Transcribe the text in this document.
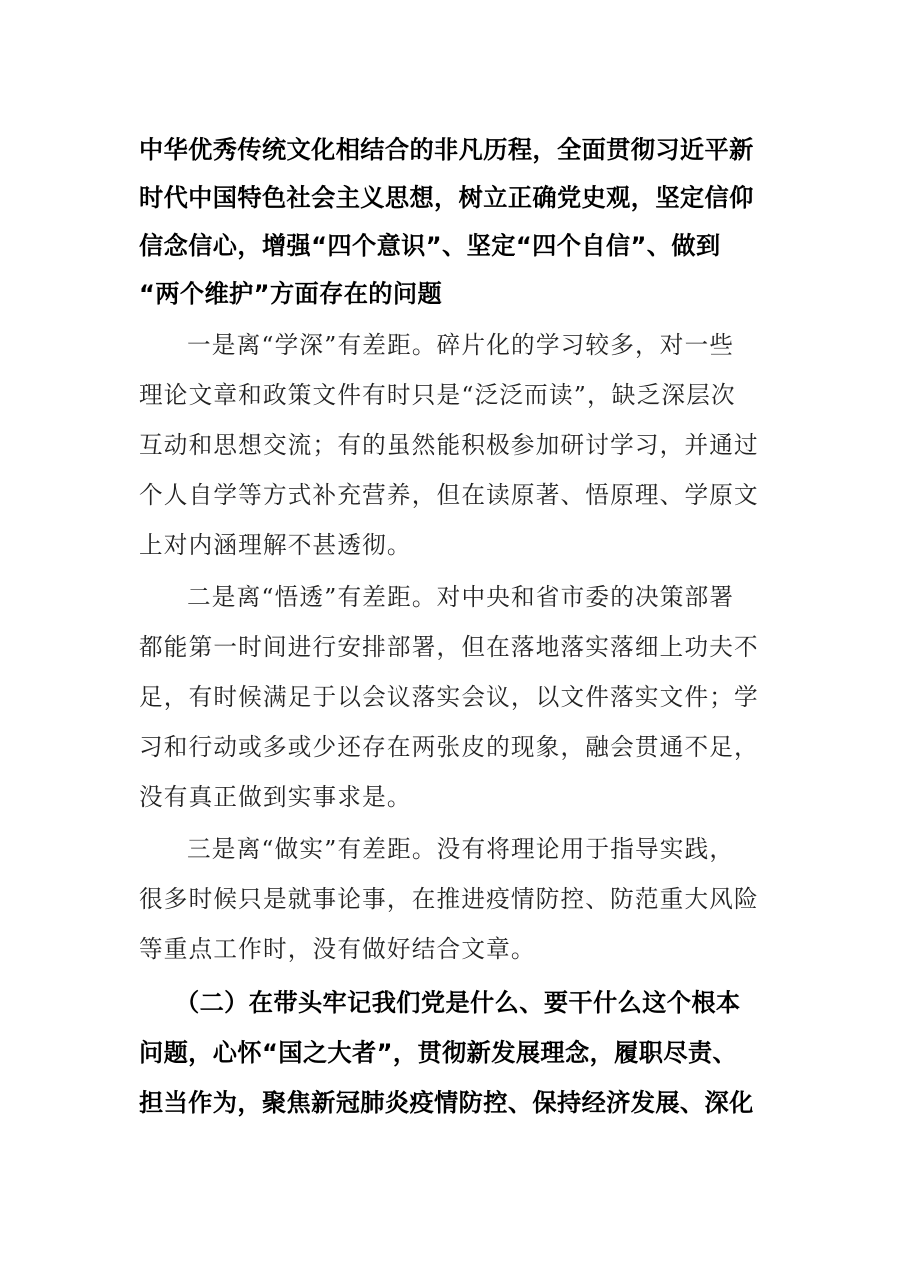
中华优秀传统文化相结合的非凡历程，全面贯彻习近平新
时代中国特色社会主义思想，树立正确党史观，坚定信仰
信念信心，增强“四个意识”、坚定“四个自信”、做到
“两个维护”方面存在的问题
一是离“学深”有差距。碎片化的学习较多，对一些
理论文章和政策文件有时只是“泛泛而读”，缺乏深层次
互动和思想交流；有的虽然能积极参加研讨学习，并通过
个人自学等方式补充营养，但在读原著、悟原理、学原文
上对内涵理解不甚透彻。
二是离“悟透”有差距。对中央和省市委的决策部署
都能第一时间进行安排部署，但在落地落实落细上功夫不
足，有时候满足于以会议落实会议，以文件落实文件；学
习和行动或多或少还存在两张皮的现象，融会贯通不足，
没有真正做到实事求是。
三是离“做实”有差距。没有将理论用于指导实践，
很多时候只是就事论事，在推进疫情防控、防范重大风险
等重点工作时，没有做好结合文章。
（二）在带头牢记我们党是什么、要干什么这个根本
问题，心怀“国之大者”，贯彻新发展理念，履职尽责、
担当作为，聚焦新冠肺炎疫情防控、保持经济发展、深化
